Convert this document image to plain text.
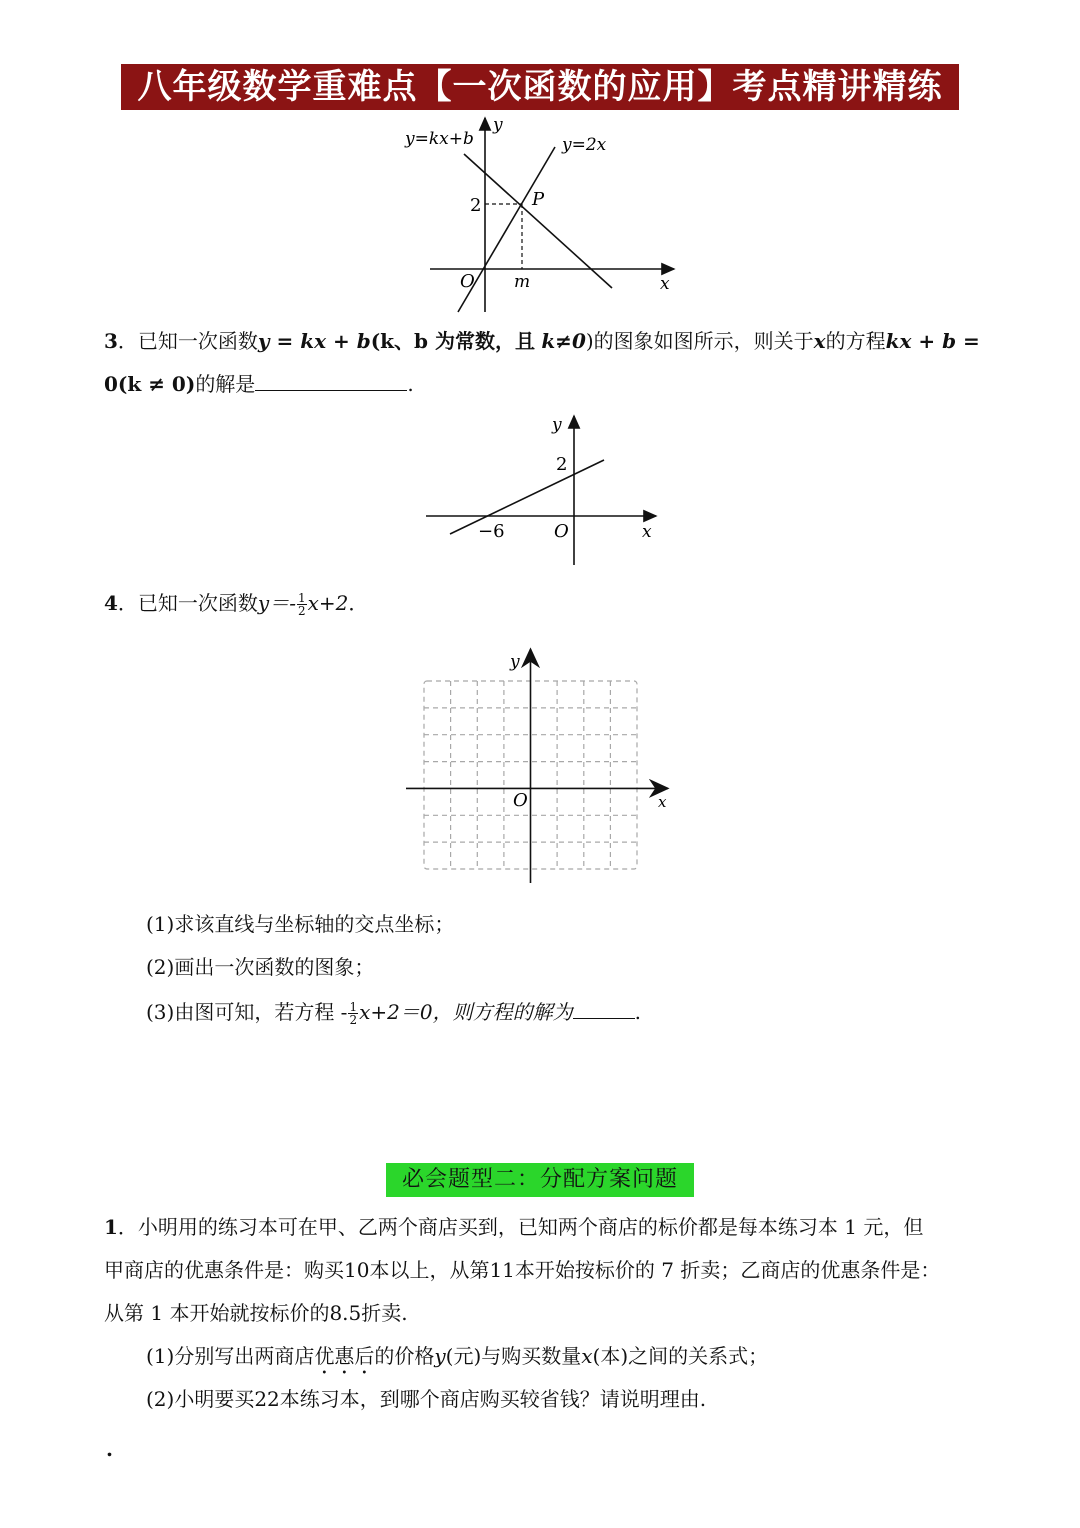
八年级数学重难点【一次函数的应用】考点精讲精练
y=kx+b	y=2x
y
x
O
P
2
m
3．已知一次函数y = kx + b(k、b 为常数，且 k≠0)的图象如图所示，则关于x的方程kx + b =
0(k ≠ 0)的解是	.
y
x
O
2
−6
4．已知一次函数$y=- \frac{1}{2} x+2$．
y
x
O
(1)求该直线与坐标轴的交点坐标；
(2)画出一次函数的图象；
(3)由图可知，若方程 - $\frac{1}{2} x+2=0$，则方程的解为	.
必会题型二：分配方案问题
1．小明用的练习本可在甲、乙两个商店买到，已知两个商店的标价都是每本练习本 1 元，但
甲商店的优惠条件是：购买10本以上，从第11本开始按标价的 7 折卖；乙商店的优惠条件是：
从第 1 本开始就按标价的8.5折卖.
(1)分别写出两商店优惠后的价格y(元)与购买数量x(本)之间的关系式；
(2)小明要买22本练习本，到哪个商店购买较省钱？请说明理由.
.
